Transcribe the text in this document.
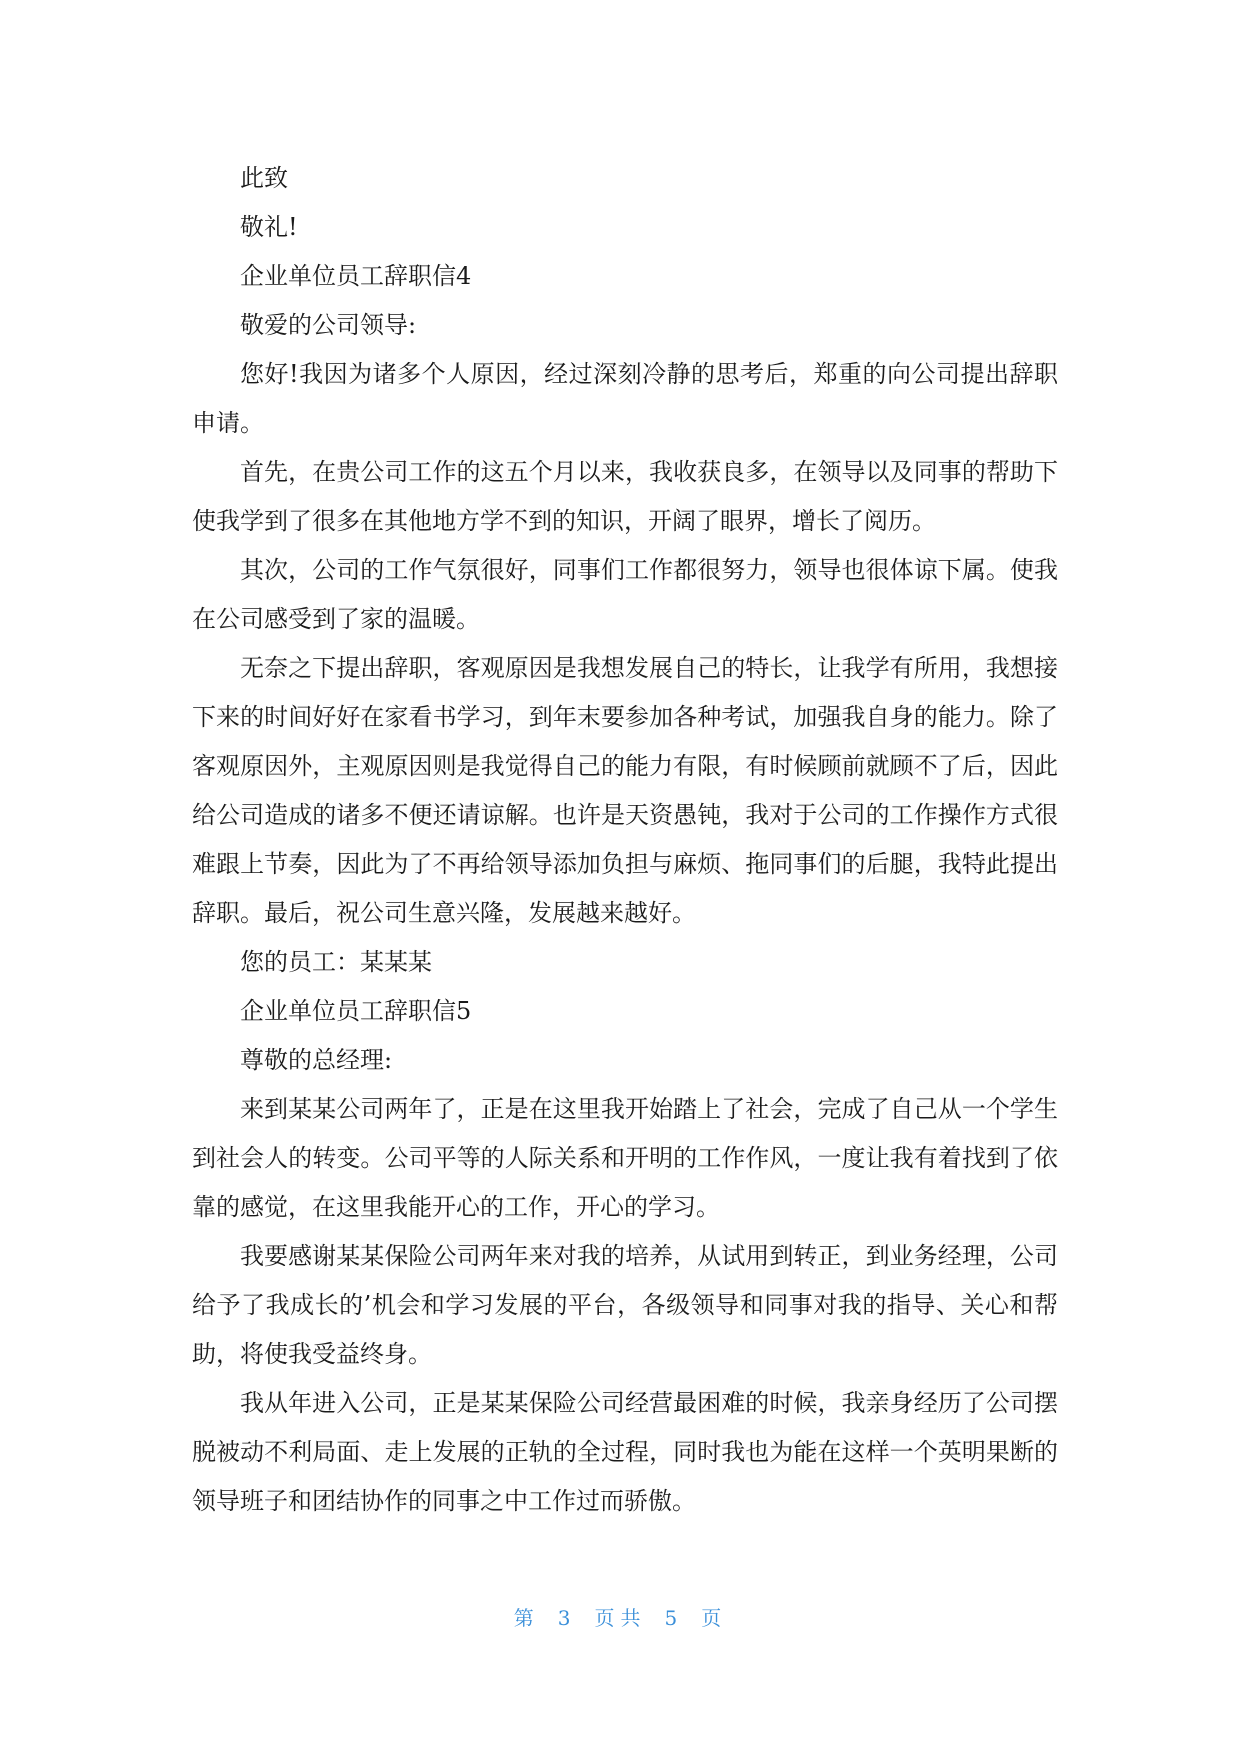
此致
敬礼!
企业单位员工辞职信4
敬爱的公司领导:

您好!我因为诸多个人原因，经过深刻冷静的思考后，郑重的向公司提出辞职申请。

首先，在贵公司工作的这五个月以来，我收获良多，在领导以及同事的帮助下使我学到了很多在其他地方学不到的知识，开阔了眼界，增长了阅历。

其次，公司的工作气氛很好，同事们工作都很努力，领导也很体谅下属。使我在公司感受到了家的温暖。

无奈之下提出辞职，客观原因是我想发展自己的特长，让我学有所用，我想接下来的时间好好在家看书学习，到年末要参加各种考试，加强我自身的能力。除了客观原因外，主观原因则是我觉得自己的能力有限，有时候顾前就顾不了后，因此给公司造成的诸多不便还请谅解。也许是天资愚钝，我对于公司的工作操作方式很难跟上节奏，因此为了不再给领导添加负担与麻烦、拖同事们的后腿，我特此提出辞职。最后，祝公司生意兴隆，发展越来越好。

您的员工：某某某
企业单位员工辞职信5
尊敬的总经理:

来到某某公司两年了，正是在这里我开始踏上了社会，完成了自己从一个学生到社会人的转变。公司平等的人际关系和开明的工作作风，一度让我有着找到了依靠的感觉，在这里我能开心的工作，开心的学习。

我要感谢某某保险公司两年来对我的培养，从试用到转正，到业务经理，公司给予了我成长的’机会和学习发展的平台，各级领导和同事对我的指导、关心和帮助，将使我受益终身。

我从年进入公司，正是某某保险公司经营最困难的时候，我亲身经历了公司摆脱被动不利局面、走上发展的正轨的全过程，同时我也为能在这样一个英明果断的领导班子和团结协作的同事之中工作过而骄傲。

第 3 页共 5 页
